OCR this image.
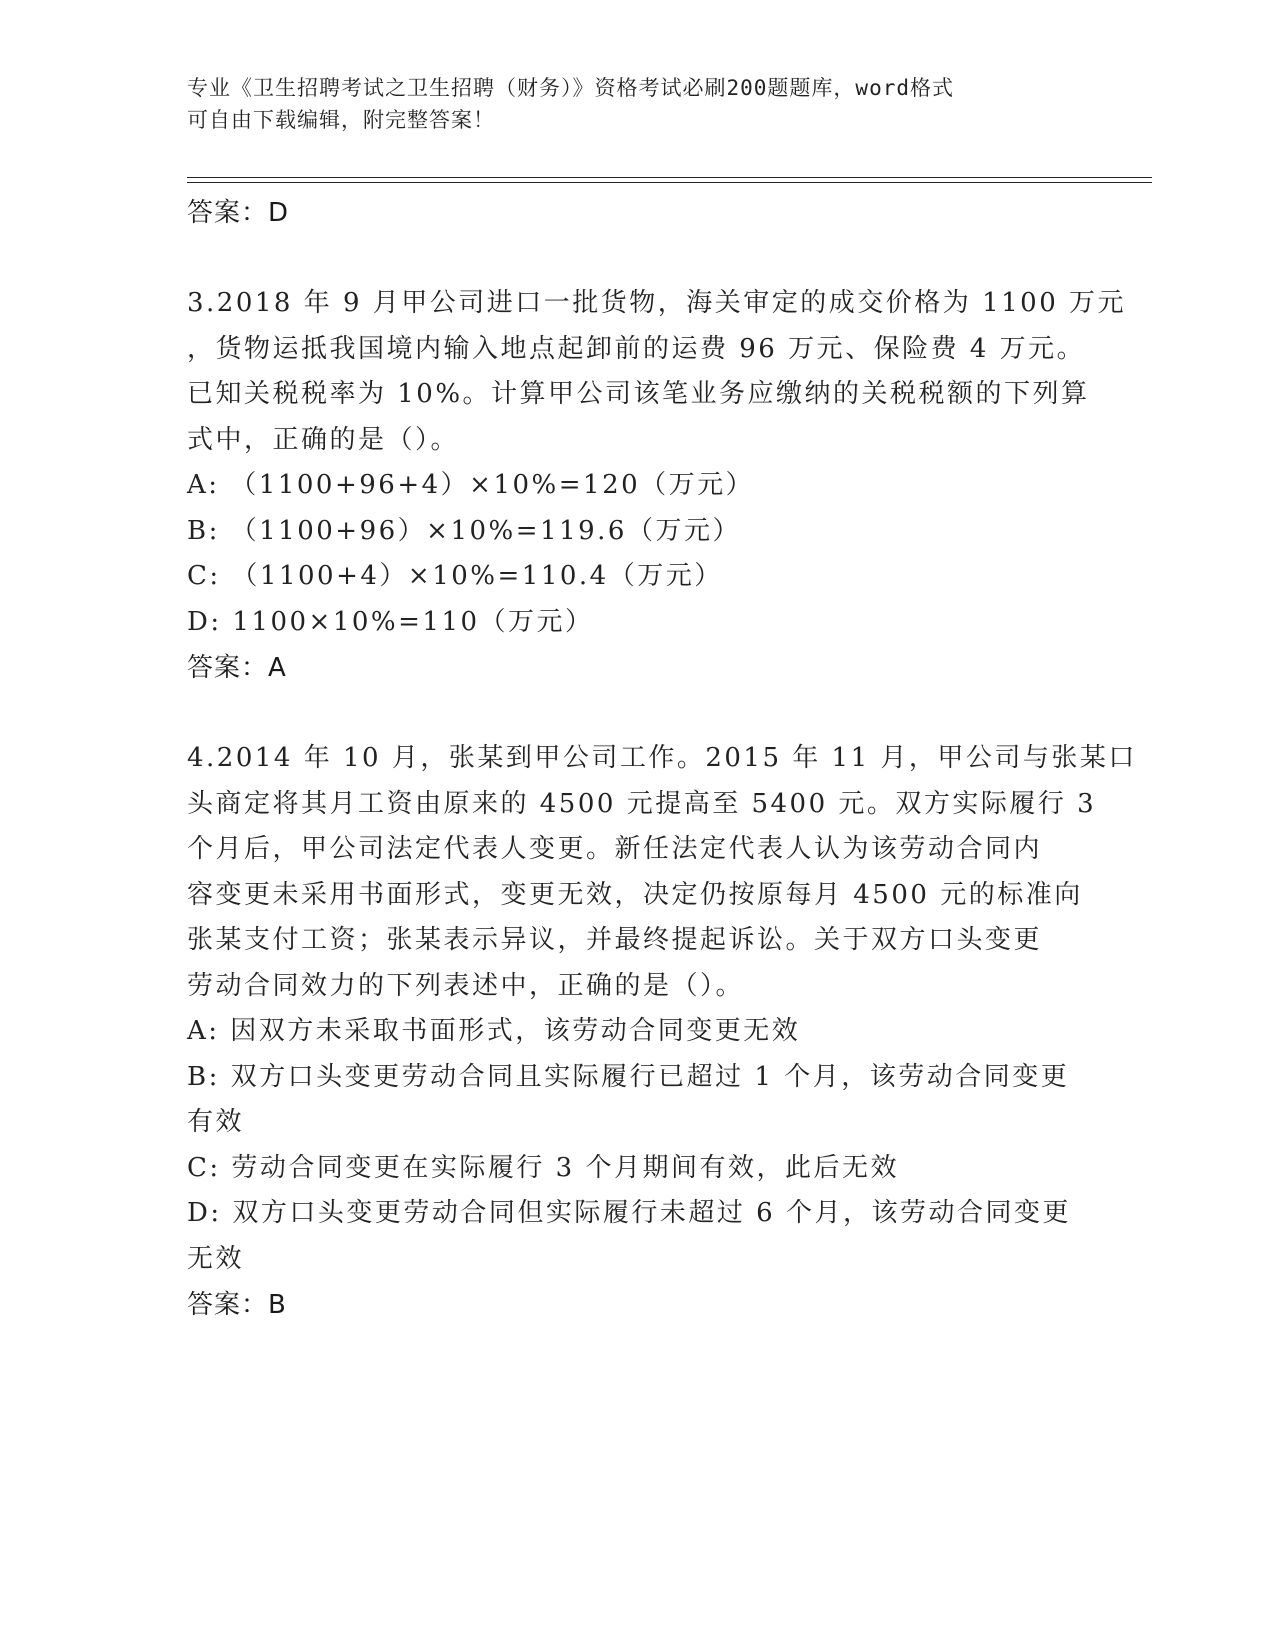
专业《卫生招聘考试之卫生招聘（财务）》资格考试必刷200题题库，word格式
可自由下载编辑，附完整答案！
答案：D
3.2018 年 9 月甲公司进口一批货物，海关审定的成交价格为 1100 万元
，货物运抵我国境内输入地点起卸前的运费 96 万元、保险费 4 万元。
已知关税税率为 10%。计算甲公司该笔业务应缴纳的关税税额的下列算
式中，正确的是（）。
A: （1100+96+4）×10%=120（万元）
B: （1100+96）×10%=119.6（万元）
C: （1100+4）×10%=110.4（万元）
D: 1100×10%=110（万元）
答案：A
4.2014 年 10 月，张某到甲公司工作。2015 年 11 月，甲公司与张某口
头商定将其月工资由原来的 4500 元提高至 5400 元。双方实际履行 3
个月后，甲公司法定代表人变更。新任法定代表人认为该劳动合同内
容变更未采用书面形式，变更无效，决定仍按原每月 4500 元的标准向
张某支付工资；张某表示异议，并最终提起诉讼。关于双方口头变更
劳动合同效力的下列表述中，正确的是（）。
A: 因双方未采取书面形式，该劳动合同变更无效
B: 双方口头变更劳动合同且实际履行已超过 1 个月，该劳动合同变更
有效
C: 劳动合同变更在实际履行 3 个月期间有效，此后无效
D: 双方口头变更劳动合同但实际履行未超过 6 个月，该劳动合同变更
无效
答案：B
